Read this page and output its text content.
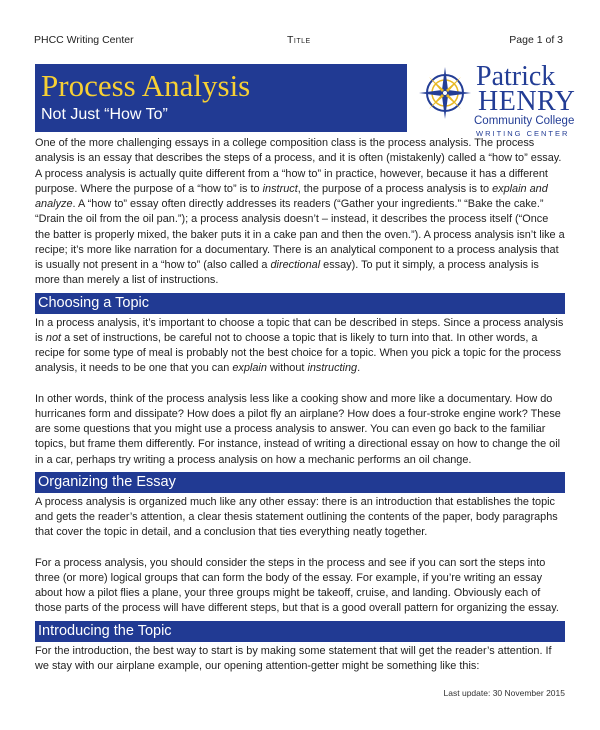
PHCC Writing Center	Title	Page 1 of 3
Process Analysis
Not Just “How To”
Patrick
HENRY
Community College
WRITING CENTER

One of the more challenging essays in a college composition class is the process analysis. The process analysis is an essay that describes the steps of a process, and it is often (mistakenly) called a “how to” essay. A process analysis is actually quite different from a “how to” in practice, however, because it has a different purpose. Where the purpose of a “how to” is to instruct, the purpose of a process analysis is to explain and analyze. A “how to” essay often directly addresses its readers (“Gather your ingredients.” “Bake the cake.” “Drain the oil from the oil pan.”); a process analysis doesn’t – instead, it describes the process itself (“Once the batter is properly mixed, the baker puts it in a cake pan and then the oven.”). A process analysis isn’t like a recipe; it’s more like narration for a documentary. There is an analytical component to a process analysis that is usually not present in a “how to” (also called a directional essay). To put it simply, a process analysis is more than merely a list of instructions.

Choosing a Topic

In a process analysis, it’s important to choose a topic that can be described in steps. Since a process analysis is not a set of instructions, be careful not to choose a topic that is likely to turn into that. In other words, a recipe for some type of meal is probably not the best choice for a topic. When you pick a topic for the process analysis, it needs to be one that you can explain without instructing.

In other words, think of the process analysis less like a cooking show and more like a documentary. How do hurricanes form and dissipate? How does a pilot fly an airplane? How does a four-stroke engine work? These are some questions that you might use a process analysis to answer. You can even go back to the familiar topics, but frame them differently. For instance, instead of writing a directional essay on how to change the oil in a car, perhaps try writing a process analysis on how a mechanic performs an oil change.

Organizing the Essay

A process analysis is organized much like any other essay: there is an introduction that establishes the topic and gets the reader’s attention, a clear thesis statement outlining the contents of the paper, body paragraphs that cover the topic in detail, and a conclusion that ties everything neatly together.

For a process analysis, you should consider the steps in the process and see if you can sort the steps into three (or more) logical groups that can form the body of the essay. For example, if you’re writing an essay about how a pilot flies a plane, your three groups might be takeoff, cruise, and landing. Obviously each of those parts of the process will have different steps, but that is a good overall pattern for organizing the essay.

Introducing the Topic

For the introduction, the best way to start is by making some statement that will get the reader’s attention. If we stay with our airplane example, our opening attention-getter might be something like this:

Last update: 30 November 2015
